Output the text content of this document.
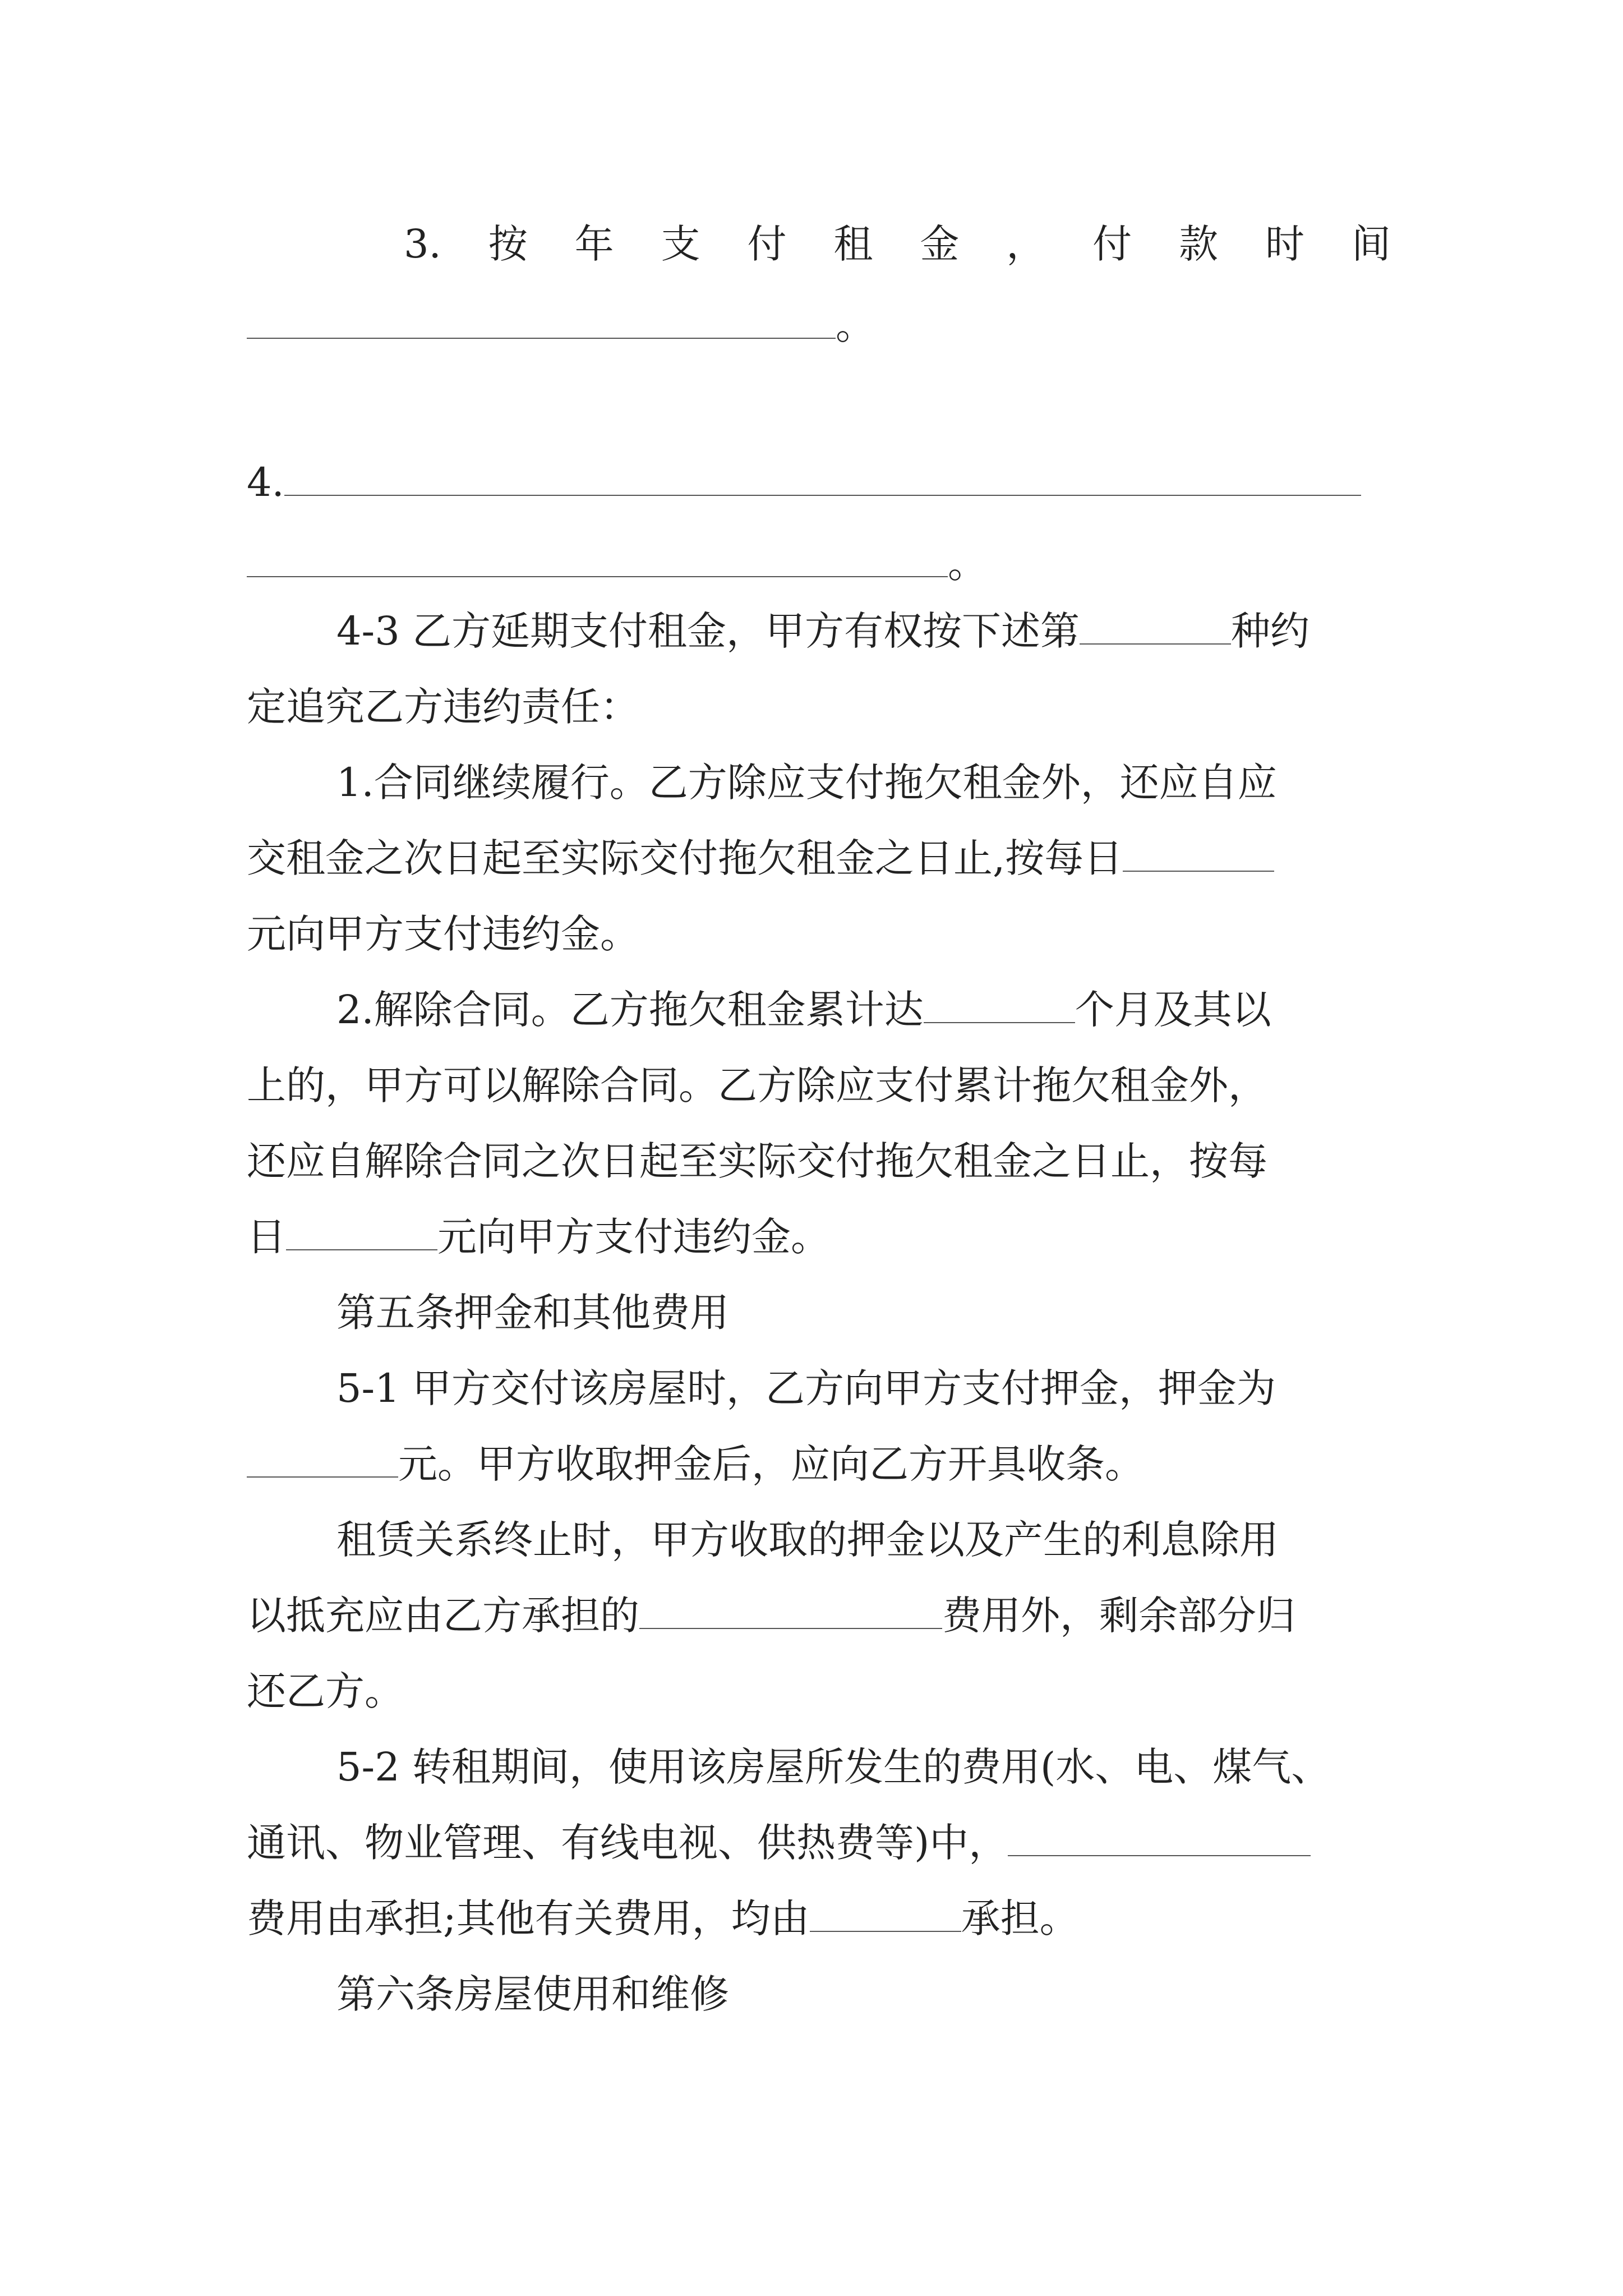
3. 按 年 支 付 租 金 ， 付 款 时 间
。
4.
。
4-3 乙方延期支付租金，甲方有权按下述第	种约
定追究乙方违约责任：
1.合同继续履行。乙方除应支付拖欠租金外，还应自应
交租金之次日起至实际交付拖欠租金之日止,按每日
元向甲方支付违约金。
2.解除合同。乙方拖欠租金累计达	个月及其以
上的，甲方可以解除合同。乙方除应支付累计拖欠租金外，
还应自解除合同之次日起至实际交付拖欠租金之日止，按每
日	元向甲方支付违约金。
第五条押金和其他费用
5-1 甲方交付该房屋时，乙方向甲方支付押金，押金为
元。甲方收取押金后，应向乙方开具收条。
租赁关系终止时，甲方收取的押金以及产生的利息除用
以抵充应由乙方承担的	费用外，剩余部分归
还乙方。
5-2 转租期间，使用该房屋所发生的费用(水、电、煤气、
通讯、物业管理、有线电视、供热费等)中，
费用由承担;其他有关费用，均由	承担。
第六条房屋使用和维修
